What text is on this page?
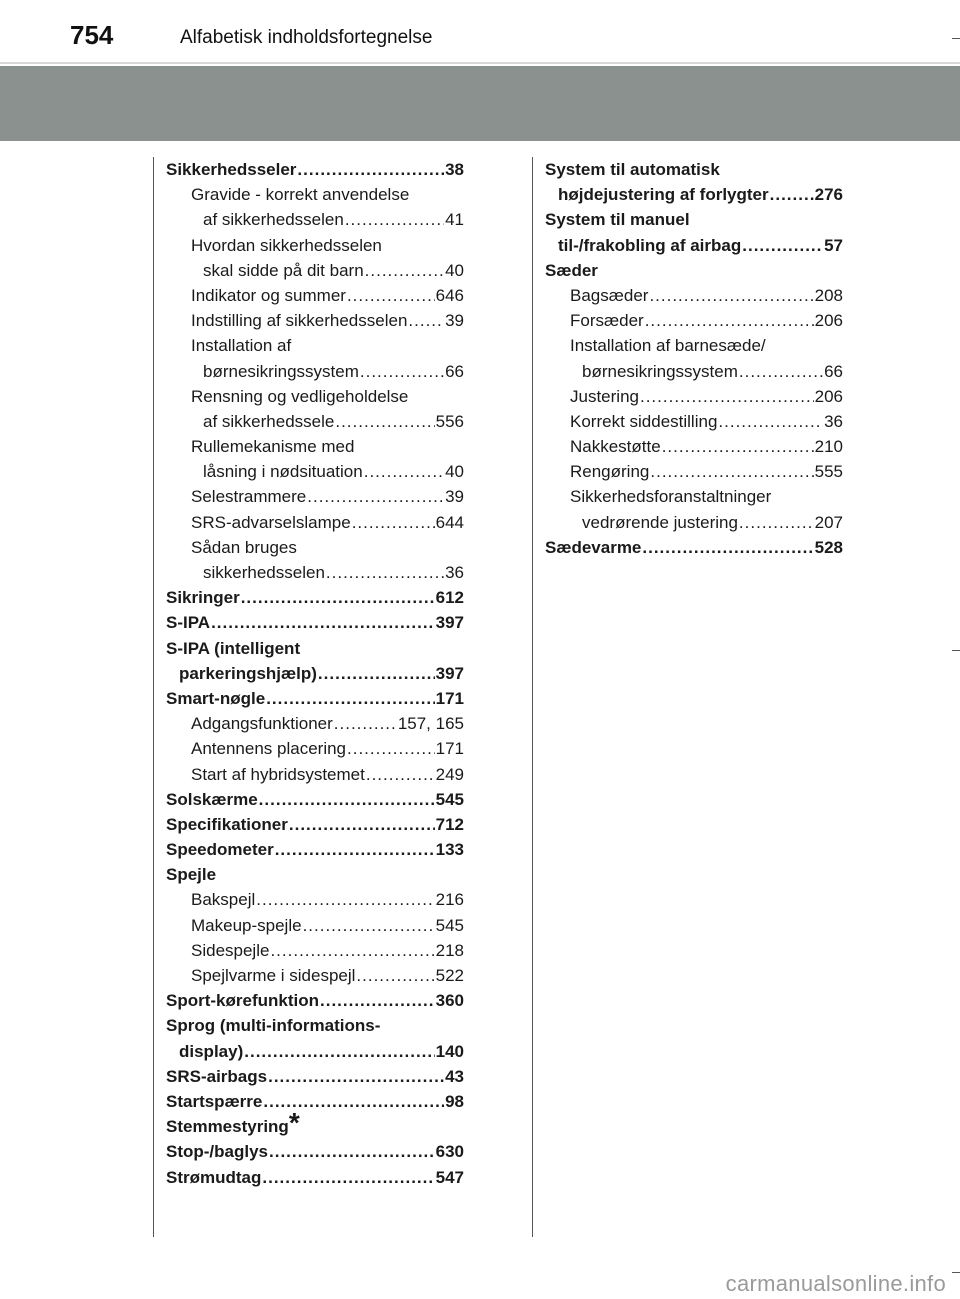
754	Alfabetisk indholdsfortegnelse
Sikkerhedsseler .....	38
Gravide - korrekt anvendelse
af sikkerhedsselen .....	41
Hvordan sikkerhedsselen
skal sidde på dit barn .....	40
Indikator og summer .....	646
Indstilling af sikkerhedsselen ..... 39
Installation af
børnesikringssystem .....	66
Rensning og vedligeholdelse
af sikkerhedssele .....	556
Rullemekanisme med
låsning i nødsituation .....	40
Selestrammere .....	39
SRS-advarselslampe .....	644
Sådan bruges
sikkerhedsselen .....	36
Sikringer .....	612
S-IPA .....	397
S-IPA (intelligent
parkeringshjælp) .....	397
Smart-nøgle .....	171
Adgangsfunktioner .....	157, 165
Antennens placering .....	171
Start af hybridsystemet .....	249
Solskærme .....	545
Specifikationer .....	712
Speedometer .....	133
Spejle
Bakspejl .....	216
Makeup-spejle .....	545
Sidespejle .....	218
Spejlvarme i sidespejl .....	522
Sport-kørefunktion .....	360
Sprog (multi-informations-
display) .....	140
SRS-airbags .....	43
Startspærre .....	98
Stemmestyring *
Stop-/baglys .....	630
Strømudtag .....	547
System til automatisk
højdejustering af forlygter .....	276
System til manuel
til-/frakobling af airbag .....	57
Sæder
Bagsæder .....	208
Forsæder .....	206
Installation af barnesæde/
børnesikringssystem .....	66
Justering .....	206
Korrekt siddestilling .....	36
Nakkestøtte .....	210
Rengøring .....	555
Sikkerhedsforanstaltninger
vedrørende justering .....	207
Sædevarme .....	528
carmanualsonline.info
